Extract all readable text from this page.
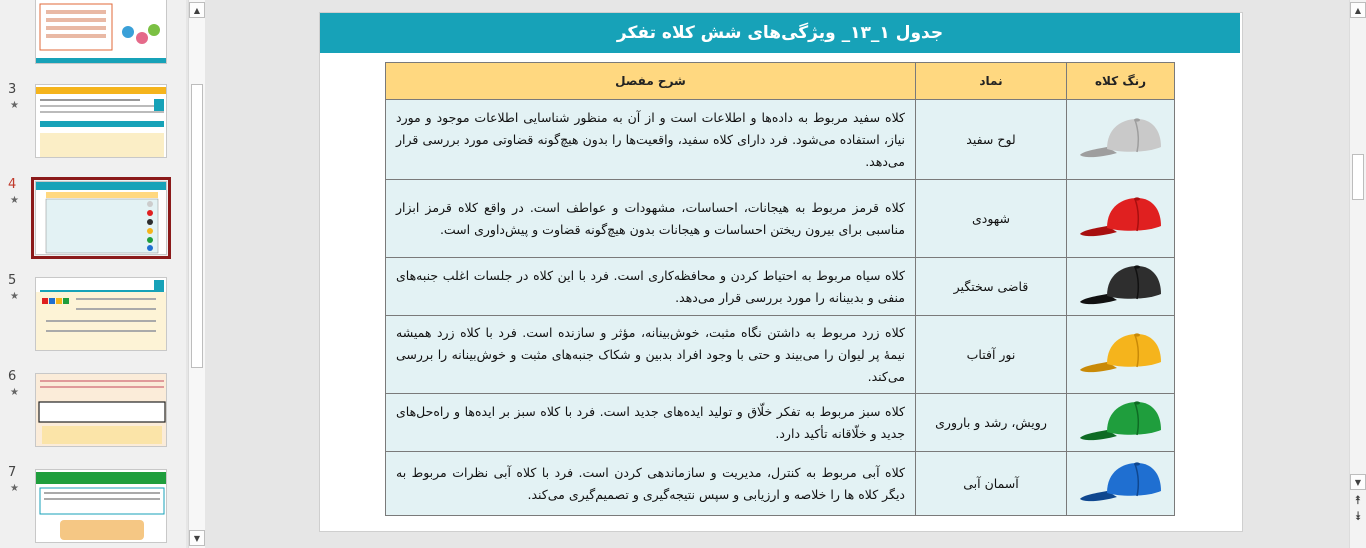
3
★
4
★
5
★
6
★
7
★
▲
▼
جدول ۱_۱۳_ ویژگی‌های شش کلاه تفکر
رنگ کلاه	نماد	شرح مفصل
	لوح سفید	کلاه سفید مربوط به داده‌ها و اطلاعات است و از آن به منظور شناسایی اطلاعات موجود و مورد نیاز، استفاده می‌شود. فرد دارای کلاه سفید، واقعیت‌ها را بدون هیچ‌گونه قضاوتی مورد بررسی قرار می‌دهد.
	شهودی	کلاه قرمز مربوط به هیجانات، احساسات، مشهودات و عواطف است. در واقع کلاه قرمز ابزار مناسبی برای بیرون ریختن احساسات و هیجانات بدون هیچ‌گونه قضاوت و پیش‌داوری است.
	قاضی سختگیر	کلاه سیاه مربوط به احتیاط کردن و محافظه‌کاری است. فرد با این کلاه در جلسات اغلب جنبه‌های منفی و بدبینانه را مورد بررسی قرار می‌دهد.
	نور آفتاب	کلاه زرد مربوط به داشتن نگاه مثبت، خوش‌بینانه، مؤثر و سازنده است. فرد با کلاه زرد همیشه نیمهٔ پر لیوان را می‌بیند و حتی با وجود افراد بدبین و شکاک جنبه‌های مثبت و خوش‌بینانه را بررسی می‌کند.
	رویش، رشد و باروری	کلاه سبز مربوط به تفکر خلّاق و تولید ایده‌های جدید است. فرد با کلاه سبز بر ایده‌ها و راه‌حل‌های جدید و خلّاقانه تأکید دارد.
	آسمان آبی	کلاه آبی مربوط به کنترل، مدیریت و سازماندهی کردن است. فرد با کلاه آبی نظرات مربوط به دیگر کلاه ها را خلاصه و ارزیابی و سپس نتیجه‌گیری و تصمیم‌گیری می‌کند.
▲
▼
⯭
⯯
